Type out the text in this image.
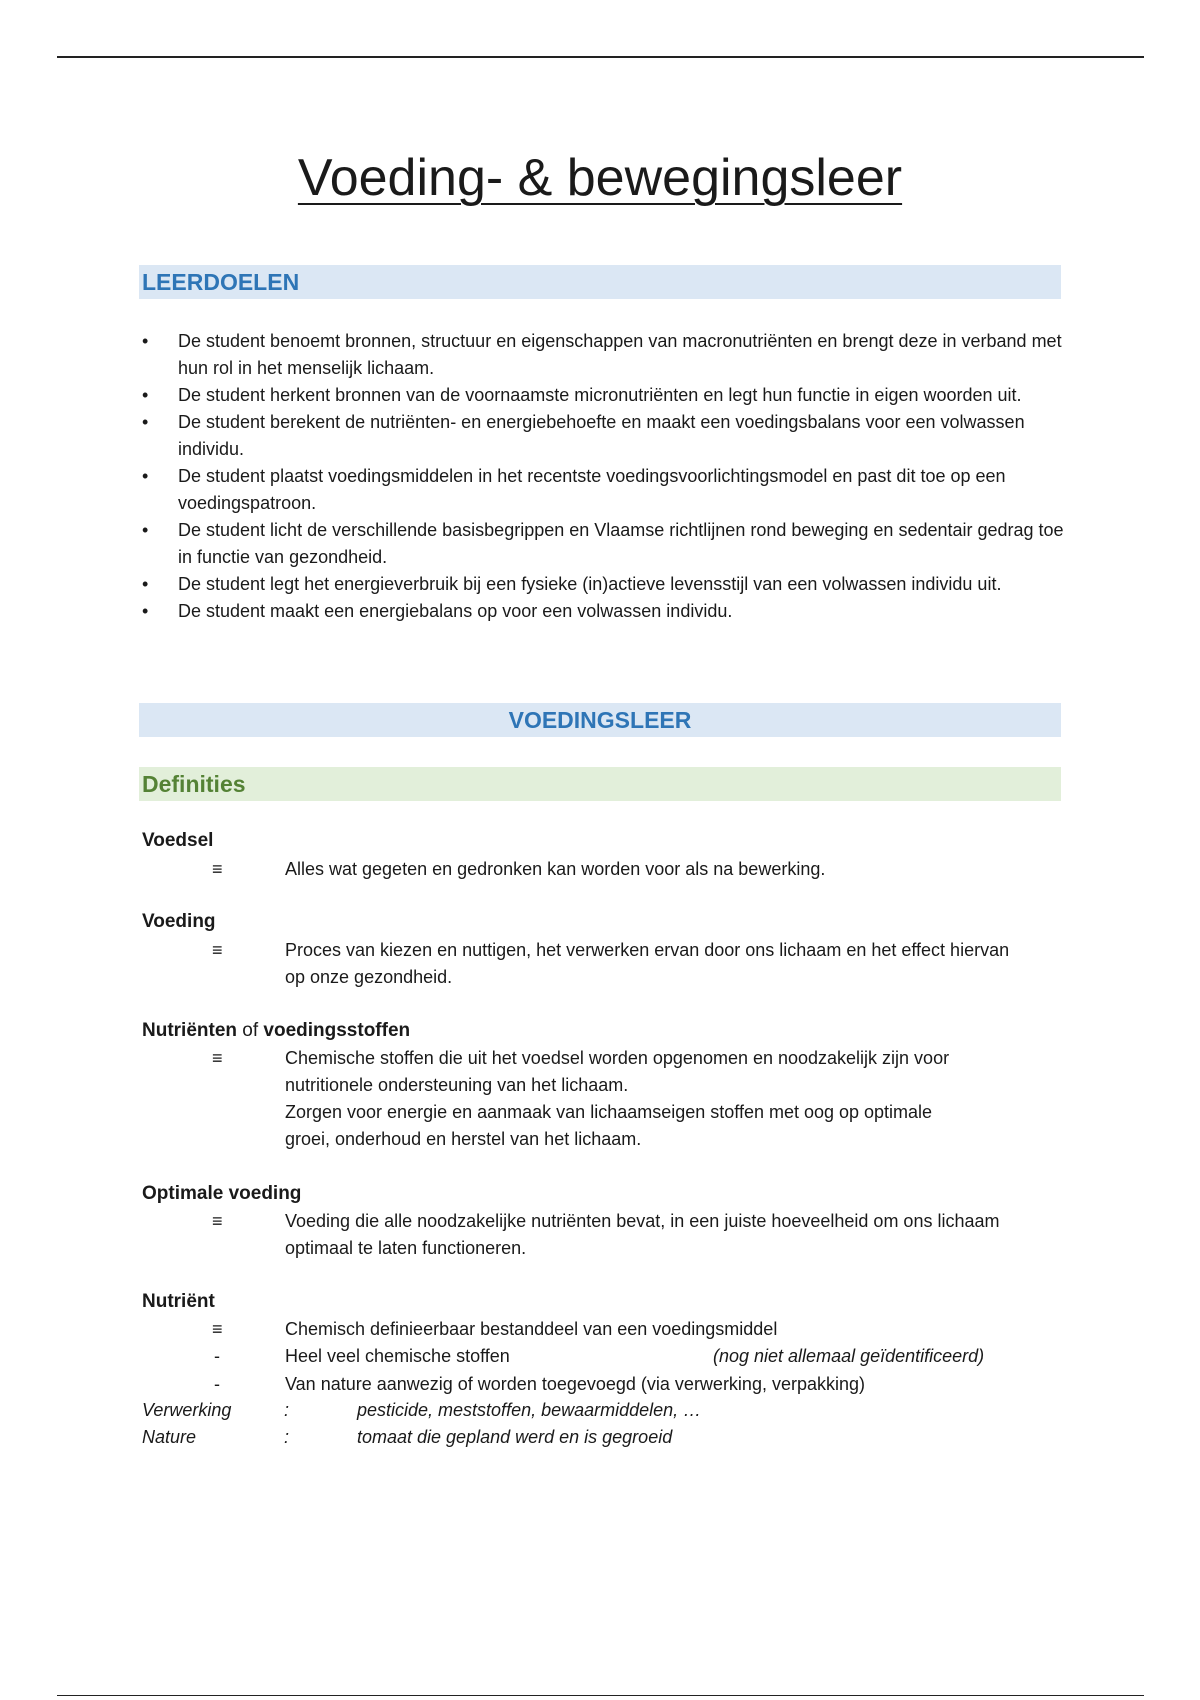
Voeding- & bewegingsleer
LEERDOELEN
• De student benoemt bronnen, structuur en eigenschappen van macronutriënten en brengt deze in verband met hun rol in het menselijk lichaam.
• De student herkent bronnen van de voornaamste micronutriënten en legt hun functie in eigen woorden uit.
• De student berekent de nutriënten- en energiebehoefte en maakt een voedingsbalans voor een volwassen individu.
• De student plaatst voedingsmiddelen in het recentste voedingsvoorlichtingsmodel en past dit toe op een voedingspatroon.
• De student licht de verschillende basisbegrippen en Vlaamse richtlijnen rond beweging en sedentair gedrag toe in functie van gezondheid.
• De student legt het energieverbruik bij een fysieke (in)actieve levensstijl van een volwassen individu uit.
• De student maakt een energiebalans op voor een volwassen individu.
VOEDINGSLEER
Definities
Voedsel
≡	Alles wat gegeten en gedronken kan worden voor als na bewerking.
Voeding
≡	Proces van kiezen en nuttigen, het verwerken ervan door ons lichaam en het effect hiervan op onze gezondheid.
Nutriënten of voedingsstoffen
≡	Chemische stoffen die uit het voedsel worden opgenomen en noodzakelijk zijn voor nutritionele ondersteuning van het lichaam.
Zorgen voor energie en aanmaak van lichaamseigen stoffen met oog op optimale groei, onderhoud en herstel van het lichaam.
Optimale voeding
≡	Voeding die alle noodzakelijke nutriënten bevat, in een juiste hoeveelheid om ons lichaam optimaal te laten functioneren.
Nutriënt
≡	Chemisch definieerbaar bestanddeel van een voedingsmiddel
-	Heel veel chemische stoffen	(nog niet allemaal geïdentificeerd)
-	Van nature aanwezig of worden toegevoegd (via verwerking, verpakking)
Verwerking	:	pesticide, meststoffen, bewaarmiddelen, …
Nature	:	tomaat die gepland werd en is gegroeid
